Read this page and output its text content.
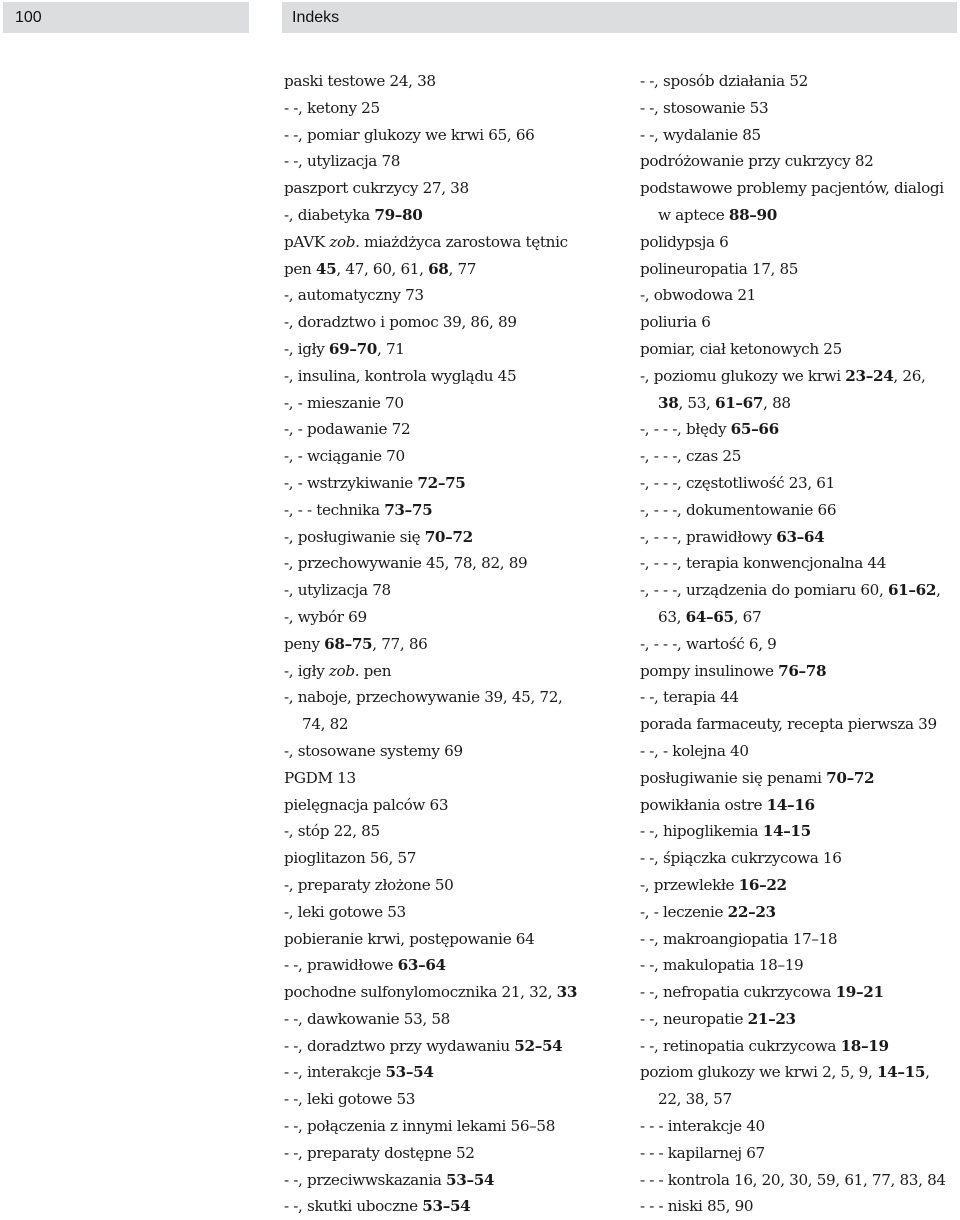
100	Indeks
paski testowe 24, 38
- -, ketony 25
- -, pomiar glukozy we krwi 65, 66
- -, utylizacja 78
paszport cukrzycy 27, 38
-, diabetyka 79–80
pAVK zob. miażdżyca zarostowa tętnic
pen 45, 47, 60, 61, 68, 77
-, automatyczny 73
-, doradztwo i pomoc 39, 86, 89
-, igły 69–70, 71
-, insulina, kontrola wyglądu 45
-, - mieszanie 70
-, - podawanie 72
-, - wciąganie 70
-, - wstrzykiwanie 72–75
-, - - technika 73–75
-, posługiwanie się 70–72
-, przechowywanie 45, 78, 82, 89
-, utylizacja 78
-, wybór 69
peny 68–75, 77, 86
-, igły zob. pen
-, naboje, przechowywanie 39, 45, 72,
74, 82
-, stosowane systemy 69
PGDM 13
pielęgnacja palców 63
-, stóp 22, 85
pioglitazon 56, 57
-, preparaty złożone 50
-, leki gotowe 53
pobieranie krwi, postępowanie 64
- -, prawidłowe 63–64
pochodne sulfonylomocznika 21, 32, 33
- -, dawkowanie 53, 58
- -, doradztwo przy wydawaniu 52–54
- -, interakcje 53–54
- -, leki gotowe 53
- -, połączenia z innymi lekami 56–58
- -, preparaty dostępne 52
- -, przeciwwskazania 53–54
- -, skutki uboczne 53–54
- -, sposób działania 52
- -, stosowanie 53
- -, wydalanie 85
podróżowanie przy cukrzycy 82
podstawowe problemy pacjentów, dialogi
w aptece 88–90
polidypsja 6
polineuropatia 17, 85
-, obwodowa 21
poliuria 6
pomiar, ciał ketonowych 25
-, poziomu glukozy we krwi 23–24, 26,
38, 53, 61–67, 88
-, - - -, błędy 65–66
-, - - -, czas 25
-, - - -, częstotliwość 23, 61
-, - - -, dokumentowanie 66
-, - - -, prawidłowy 63–64
-, - - -, terapia konwencjonalna 44
-, - - -, urządzenia do pomiaru 60, 61–62,
63, 64–65, 67
-, - - -, wartość 6, 9
pompy insulinowe 76–78
- -, terapia 44
porada farmaceuty, recepta pierwsza 39
- -, - kolejna 40
posługiwanie się penami 70–72
powikłania ostre 14–16
- -, hipoglikemia 14–15
- -, śpiączka cukrzycowa 16
-, przewlekłe 16–22
-, - leczenie 22–23
- -, makroangiopatia 17–18
- -, makulopatia 18–19
- -, nefropatia cukrzycowa 19–21
- -, neuropatie 21–23
- -, retinopatia cukrzycowa 18–19
poziom glukozy we krwi 2, 5, 9, 14–15,
22, 38, 57
- - - interakcje 40
- - - kapilarnej 67
- - - kontrola 16, 20, 30, 59, 61, 77, 83, 84
- - - niski 85, 90
